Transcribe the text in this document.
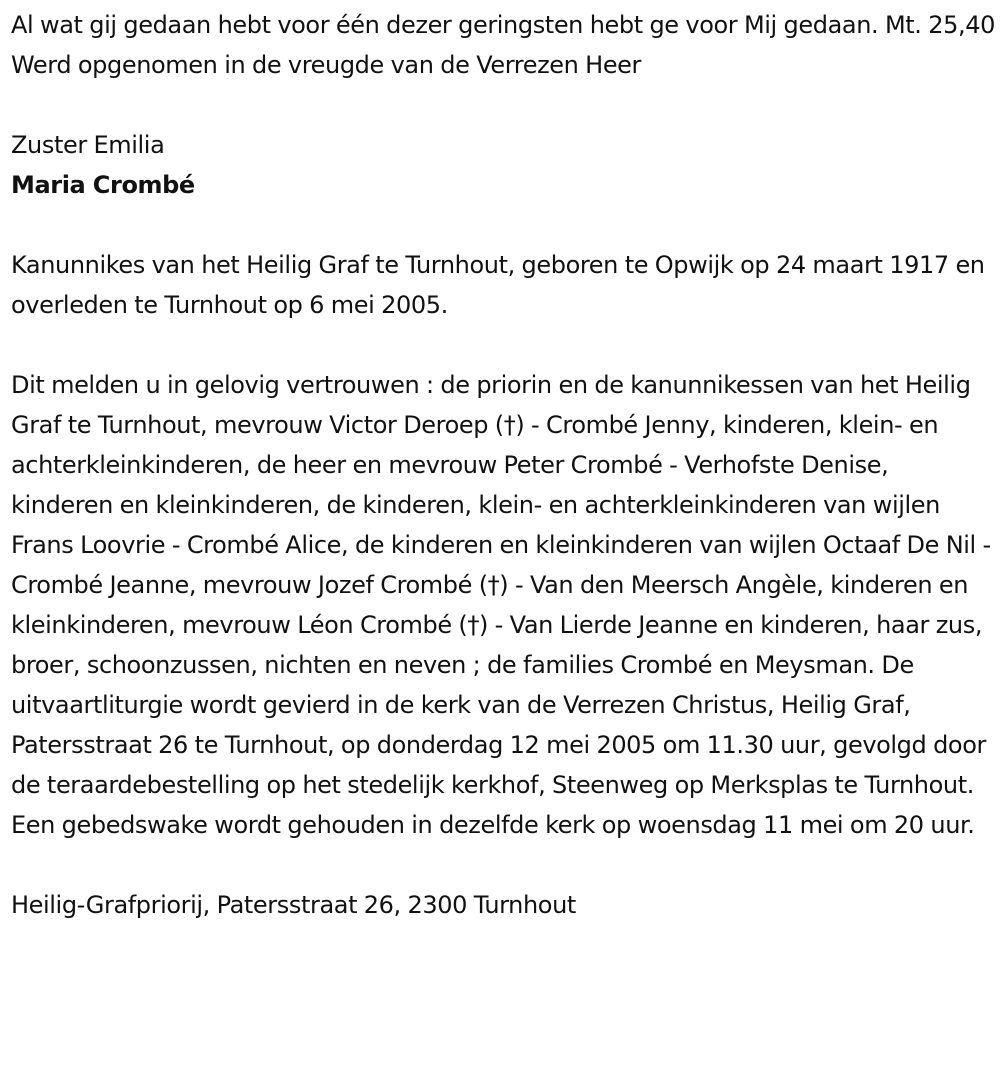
Al wat gij gedaan hebt voor één dezer geringsten hebt ge voor Mij gedaan. Mt. 25,40 Werd opgenomen in de vreugde van de Verrezen Heer

Zuster Emilia

Maria Crombé

Kanunnikes van het Heilig Graf te Turnhout, geboren te Opwijk op 24 maart 1917 en overleden te Turnhout op 6 mei 2005.

Dit melden u in gelovig vertrouwen : de priorin en de kanunnikessen van het Heilig Graf te Turnhout, mevrouw Victor Deroep (†) - Crombé Jenny, kinderen, klein- en achterkleinkinderen, de heer en mevrouw Peter Crombé - Verhofste Denise, kinderen en kleinkinderen, de kinderen, klein- en achterkleinkinderen van wijlen Frans Loovrie - Crombé Alice, de kinderen en kleinkinderen van wijlen Octaaf De Nil - Crombé Jeanne, mevrouw Jozef Crombé (†) - Van den Meersch Angèle, kinderen en kleinkinderen, mevrouw Léon Crombé (†) - Van Lierde Jeanne en kinderen, haar zus, broer, schoonzussen, nichten en neven ; de families Crombé en Meysman. De uitvaartliturgie wordt gevierd in de kerk van de Verrezen Christus, Heilig Graf, Patersstraat 26 te Turnhout, op donderdag 12 mei 2005 om 11.30 uur, gevolgd door de teraardebestelling op het stedelijk kerkhof, Steenweg op Merksplas te Turnhout. Een gebedswake wordt gehouden in dezelfde kerk op woensdag 11 mei om 20 uur.

Heilig-Grafpriorij, Patersstraat 26, 2300 Turnhout
